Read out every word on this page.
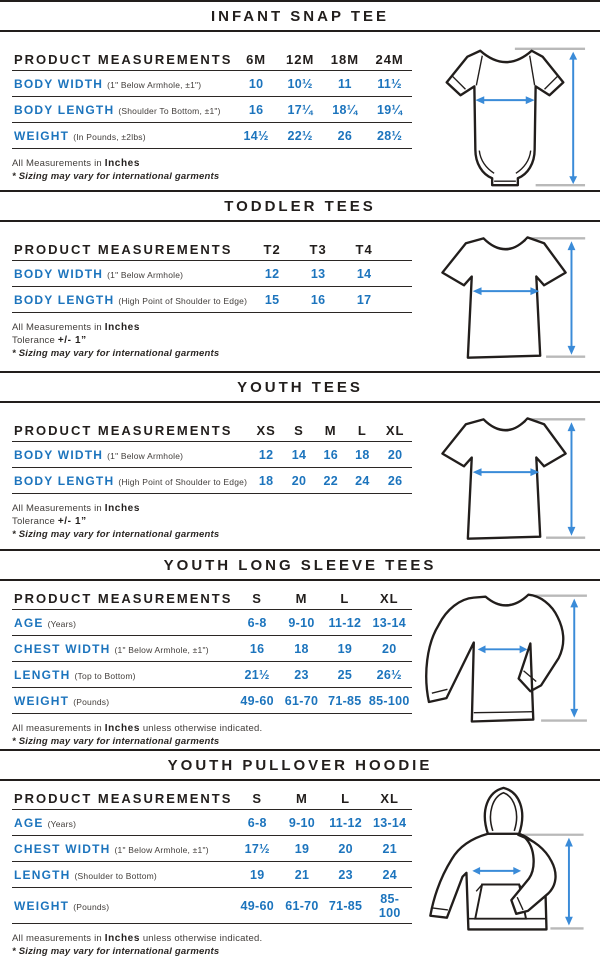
INFANT SNAP TEE
PRODUCT MEASUREMENTS	6M	12M	18M	24M
BODY WIDTH (1" Below Armhole, ±1")	10	10½	11	11½
BODY LENGTH (Shoulder To Bottom, ±1")	16	17¼	18¼	19¼
WEIGHT (In Pounds, ±2lbs)	14½	22½	26	28½

All Measurements in Inches

* Sizing may vary for international garments

TODDLER TEES
PRODUCT MEASUREMENTS	T2	T3	T4	
BODY WIDTH (1" Below Armhole)	12	13	14	
BODY LENGTH (High Point of Shoulder to Edge)	15	16	17	

All Measurements in Inches

Tolerance +/- 1”

* Sizing may vary for international garments

YOUTH TEES
PRODUCT MEASUREMENTS	XS	S	M	L	XL
BODY WIDTH (1" Below Armhole)	12	14	16	18	20
BODY LENGTH (High Point of Shoulder to Edge)	18	20	22	24	26

All Measurements in Inches

Tolerance +/- 1”

* Sizing may vary for international garments

YOUTH LONG SLEEVE TEES
PRODUCT MEASUREMENTS	S	M	L	XL
AGE (Years)	6-8	9-10	11-12	13-14
CHEST WIDTH (1" Below Armhole, ±1")	16	18	19	20
LENGTH (Top to Bottom)	21½	23	25	26½
WEIGHT (Pounds)	49-60	61-70	71-85	85-100

All measurements in Inches unless otherwise indicated.

* Sizing may vary for international garments

YOUTH PULLOVER HOODIE
PRODUCT MEASUREMENTS	S	M	L	XL
AGE (Years)	6-8	9-10	11-12	13-14
CHEST WIDTH (1" Below Armhole, ±1")	17½	19	20	21
LENGTH (Shoulder to Bottom)	19	21	23	24
WEIGHT (Pounds)	49-60	61-70	71-85	85-100

All measurements in Inches unless otherwise indicated.

* Sizing may vary for international garments
